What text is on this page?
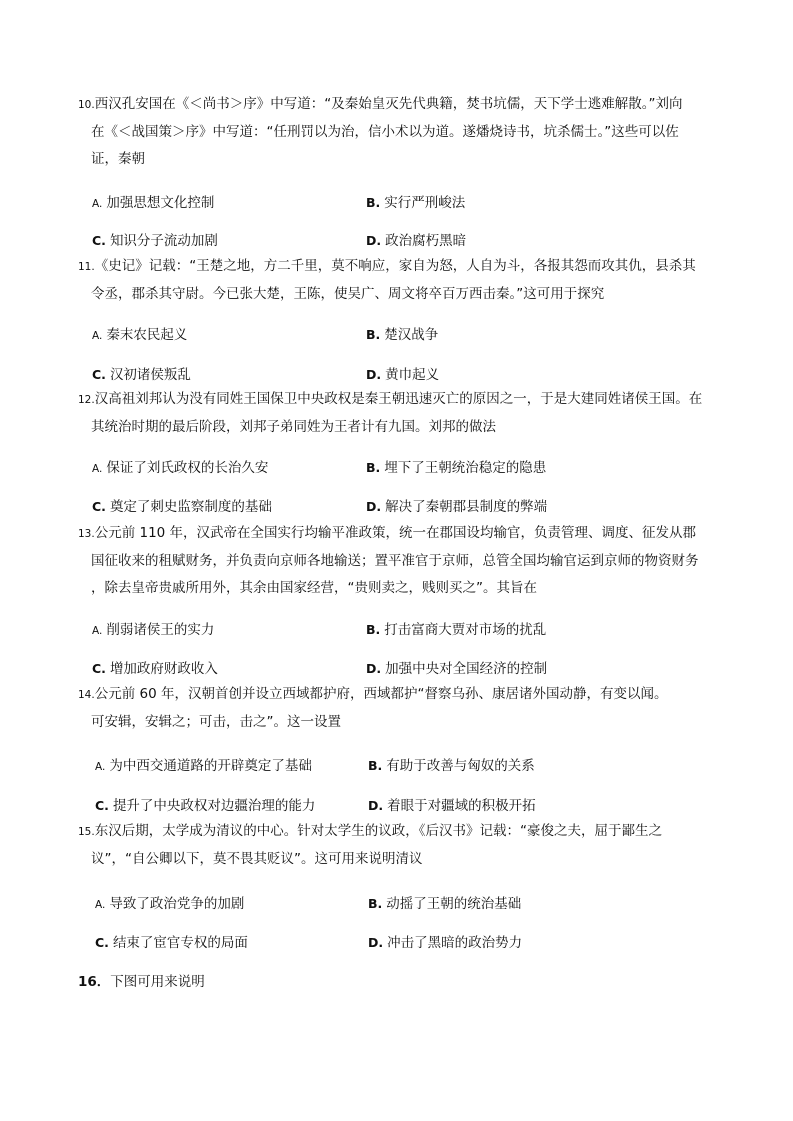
10.西汉孔安国在《＜尚书＞序》中写道：“及秦始皇灭先代典籍，焚书坑儒，天下学士逃难解散。”刘向
在《＜战国策＞序》中写道：“任刑罚以为治，信小术以为道。遂燔烧诗书，坑杀儒士。”这些可以佐
证，秦朝
A. 加强思想文化控制	B. 实行严刑峻法
C. 知识分子流动加剧	D. 政治腐朽黑暗
11.《史记》记载：“王楚之地，方二千里，莫不响应，家自为怒，人自为斗，各报其怨而攻其仇，县杀其
令丞，郡杀其守尉。今已张大楚，王陈，使吴广、周文将卒百万西击秦。”这可用于探究
A. 秦末农民起义	B. 楚汉战争
C. 汉初诸侯叛乱	D. 黄巾起义
12.汉高祖刘邦认为没有同姓王国保卫中央政权是秦王朝迅速灭亡的原因之一，于是大建同姓诸侯王国。在
其统治时期的最后阶段，刘邦子弟同姓为王者计有九国。刘邦的做法
A. 保证了刘氏政权的长治久安	B. 埋下了王朝统治稳定的隐患
C. 奠定了刺史监察制度的基础	D. 解决了秦朝郡县制度的弊端
13.公元前 110 年，汉武帝在全国实行均输平准政策，统一在郡国设均输官，负责管理、调度、征发从郡
国征收来的租赋财务，并负责向京师各地输送；置平准官于京师，总管全国均输官运到京师的物资财务
，除去皇帝贵戚所用外，其余由国家经营，“贵则卖之，贱则买之”。其旨在
A. 削弱诸侯王的实力	B. 打击富商大贾对市场的扰乱
C. 增加政府财政收入	D. 加强中央对全国经济的控制
14.公元前 60 年，汉朝首创并设立西域都护府，西域都护“督察乌孙、康居诸外国动静，有变以闻。
可安辑，安辑之；可击，击之”。这一设置
A. 为中西交通道路的开辟奠定了基础	B. 有助于改善与匈奴的关系
C. 提升了中央政权对边疆治理的能力	D. 着眼于对疆域的积极开拓
15.东汉后期，太学成为清议的中心。针对太学生的议政，《后汉书》记载：“豪俊之夫，屈于鄙生之
议”，“自公卿以下，莫不畏其贬议”。这可用来说明清议
A. 导致了政治党争的加剧	B. 动摇了王朝的统治基础
C. 结束了宦官专权的局面	D. 冲击了黑暗的政治势力
16．下图可用来说明
